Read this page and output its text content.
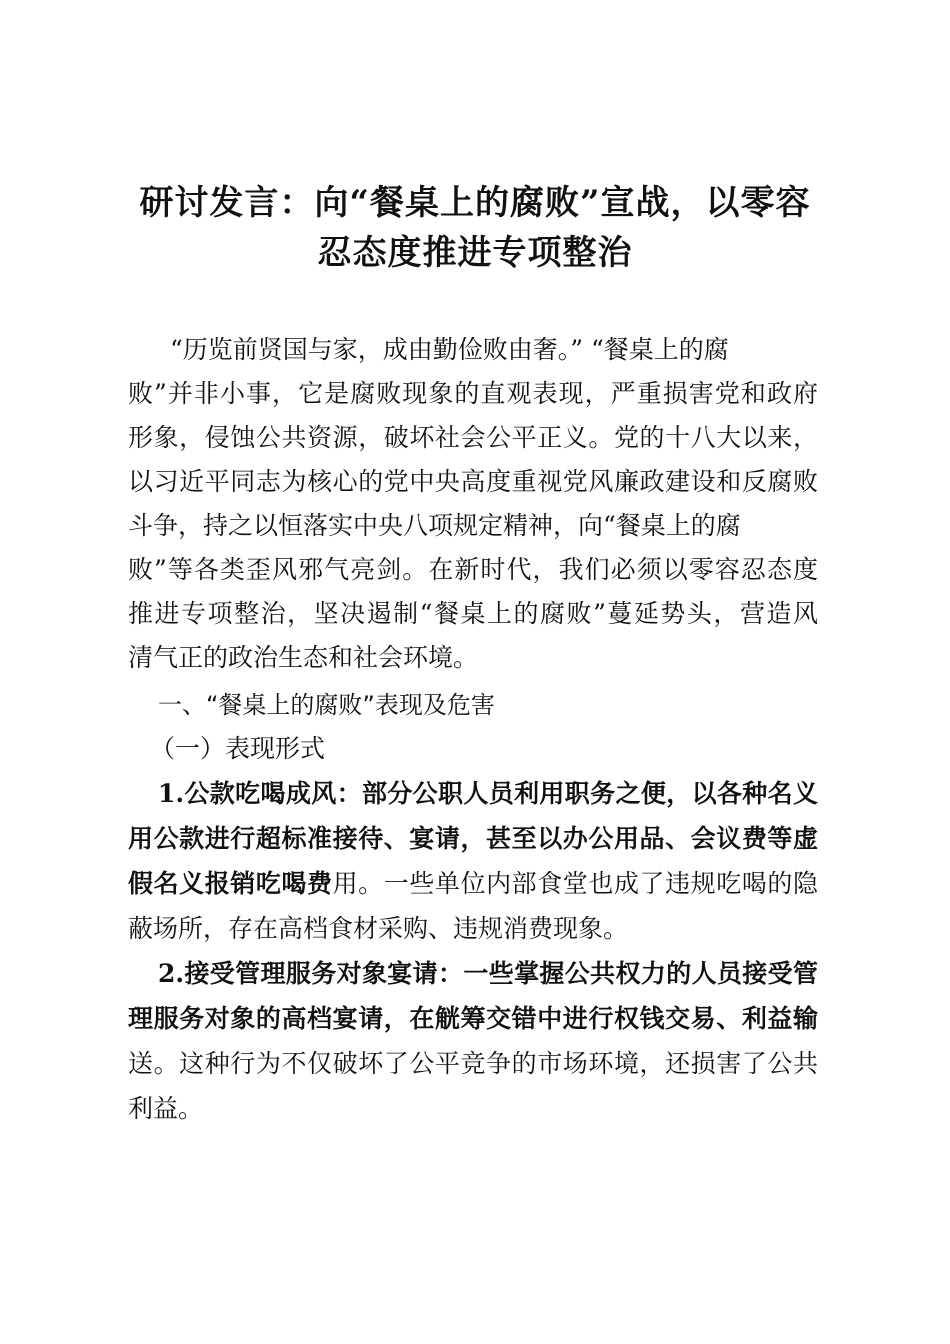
研讨发言：向“餐桌上的腐败”宣战，以零容
忍态度推进专项整治
“历览前贤国与家，成由勤俭败由奢。” “餐桌上的腐
败”并非小事，它是腐败现象的直观表现，严重损害党和政府
形象，侵蚀公共资源，破坏社会公平正义。党的十八大以来，
以习近平同志为核心的党中央高度重视党风廉政建设和反腐败
斗争，持之以恒落实中央八项规定精神，向“餐桌上的腐
败”等各类歪风邪气亮剑。在新时代，我们必须以零容忍态度
推进专项整治，坚决遏制“餐桌上的腐败”蔓延势头，营造风
清气正的政治生态和社会环境。
1.公款吃喝成风：部分公职人员利用职务之便，以各种名义
用公款进行超标准接待、宴请，甚至以办公用品、会议费等虚
假名义报销吃喝费用。一些单位内部食堂也成了违规吃喝的隐
蔽场所，存在高档食材采购、违规消费现象。
2.接受管理服务对象宴请：一些掌握公共权力的人员接受管
理服务对象的高档宴请，在觥筹交错中进行权钱交易、利益输
送。这种行为不仅破坏了公平竞争的市场环境，还损害了公共
利益。
一、“餐桌上的腐败”表现及危害
（一）表现形式
